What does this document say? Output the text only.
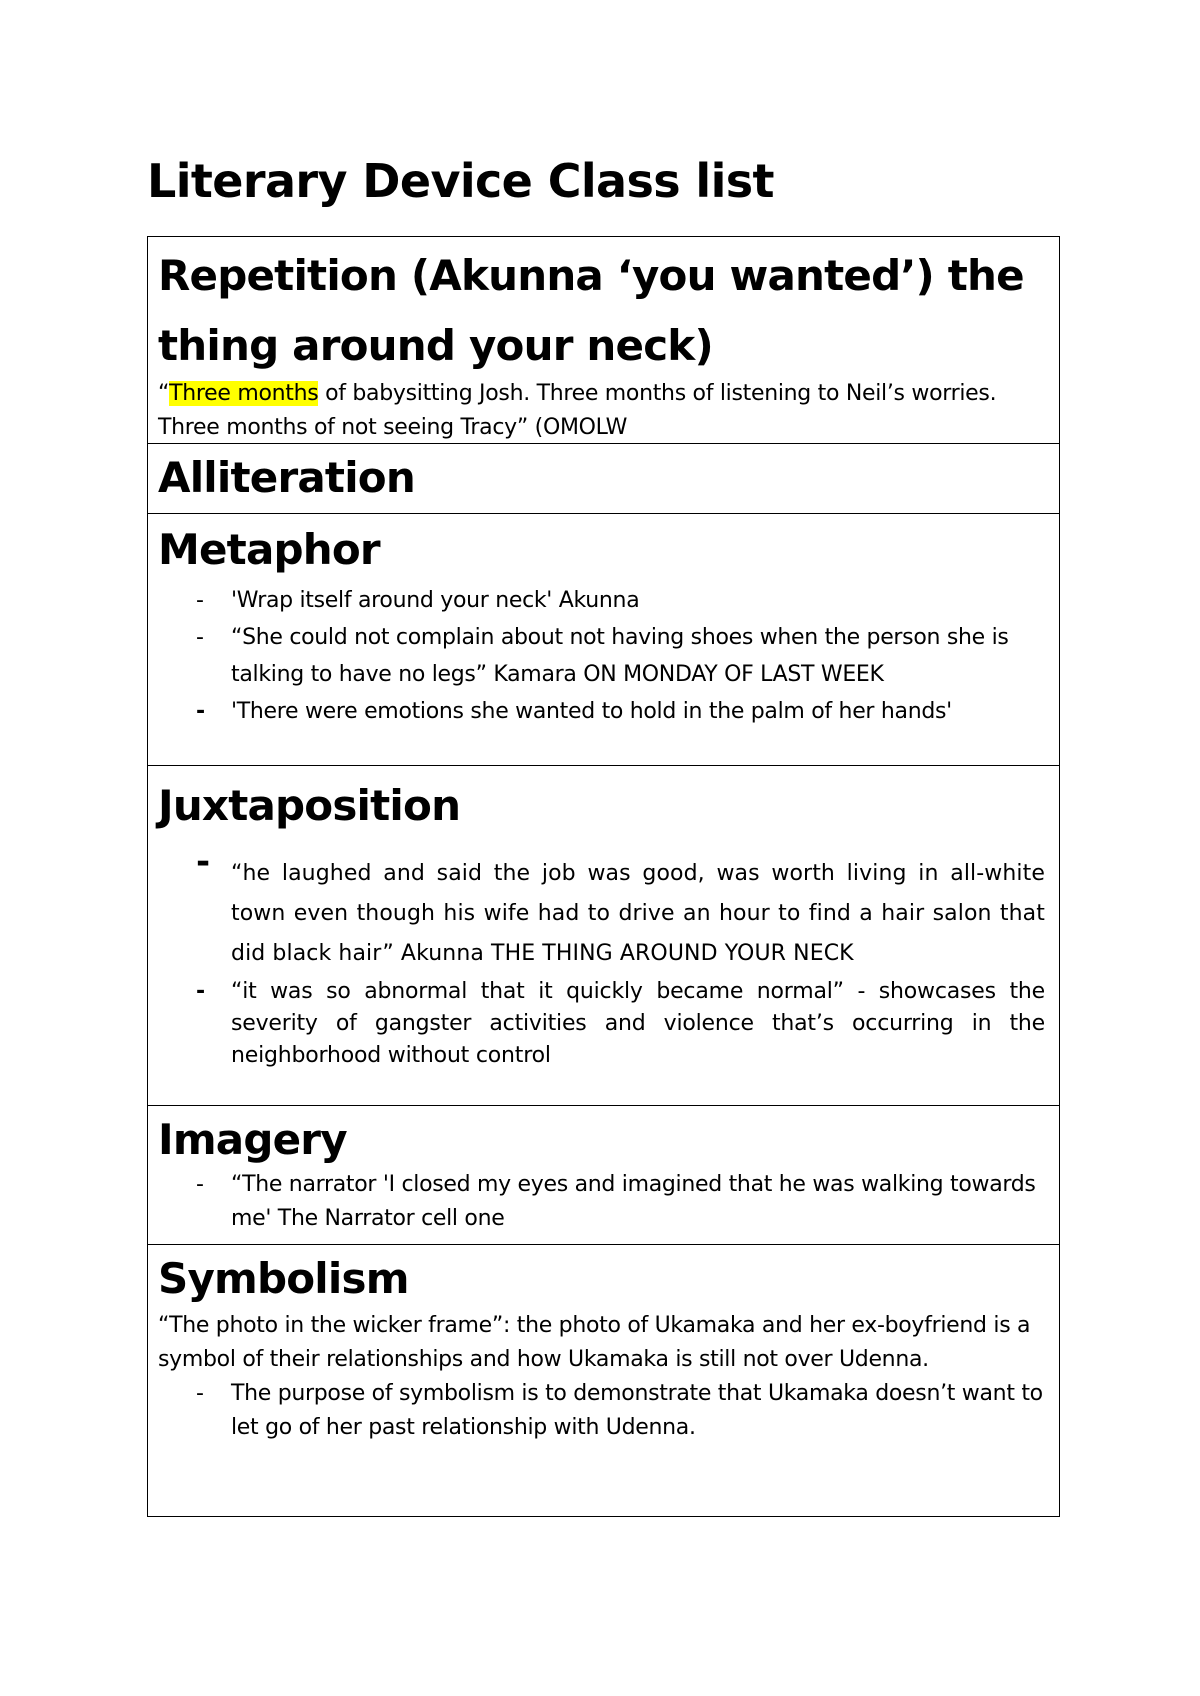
Literary Device Class list
Repetition (Akunna ‘you wanted’) the thing around your neck)
“Three months of babysitting Josh. Three months of listening to Neil’s worries. Three months of not seeing Tracy” (OMOLW
Alliteration
Metaphor
- 'Wrap itself around your neck' Akunna
- “She could not complain about not having shoes when the person she is talking to have no legs” Kamara ON MONDAY OF LAST WEEK
- 'There were emotions she wanted to hold in the palm of her hands'
Juxtaposition
- “he laughed and said the job was good, was worth living in all-white town even though his wife had to drive an hour to find a hair salon that did black hair” Akunna THE THING AROUND YOUR NECK
- “it was so abnormal that it quickly became normal” - showcases the severity of gangster activities and violence that’s occurring in the neighborhood without control
Imagery
- “The narrator 'I closed my eyes and imagined that he was walking towards me' The Narrator cell one
Symbolism
“The photo in the wicker frame”: the photo of Ukamaka and her ex-boyfriend is a symbol of their relationships and how Ukamaka is still not over Udenna.
- The purpose of symbolism is to demonstrate that Ukamaka doesn’t want to let go of her past relationship with Udenna.
